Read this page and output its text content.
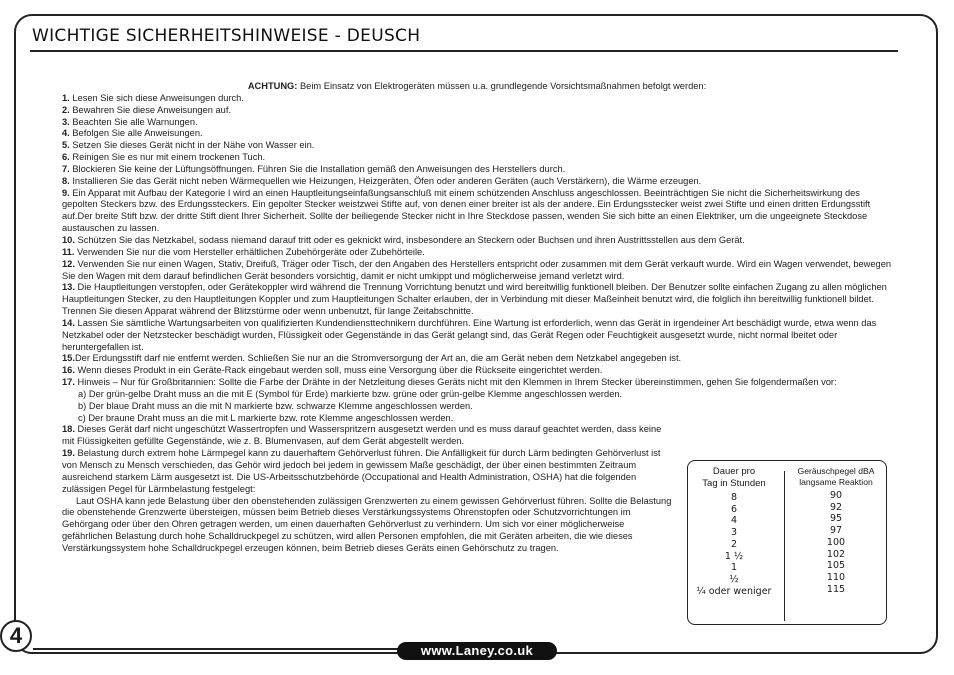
WICHTIGE SICHERHEITSHINWEISE - DEUSCH

ACHTUNG: Beim Einsatz von Elektrogeräten müssen u.a. grundlegende Vorsichtsmaßnahmen befolgt werden:

1. Lesen Sie sich diese Anweisungen durch.

2. Bewahren Sie diese Anweisungen auf.

3. Beachten Sie alle Warnungen.

4. Befolgen Sie alle Anweisungen.

5. Setzen Sie dieses Gerät nicht in der Nähe von Wasser ein.

6. Reinigen Sie es nur mit einem trockenen Tuch.

7. Blockieren Sie keine der Lüftungsöffnungen. Führen Sie die Installation gemäß den Anweisungen des Herstellers durch.

8. Installieren Sie das Gerät nicht neben Wärmequellen wie Heizungen, Heizgeräten, Öfen oder anderen Geräten (auch Verstärkern), die Wärme erzeugen.

9. Ein Apparat mit Aufbau der Kategorie I wird an einen Hauptleitungseinfaßungsanschluß mit einem schützenden Anschluss angeschlossen. Beeinträchtigen Sie nicht die Sicherheitswirkung des gepolten Steckers bzw. des Erdungssteckers. Ein gepolter Stecker weistzwei Stifte auf, von denen einer breiter ist als der andere. Ein Erdungsstecker weist zwei Stifte und einen dritten Erdungsstift auf.Der breite Stift bzw. der dritte Stift dient Ihrer Sicherheit. Sollte der beiliegende Stecker nicht in Ihre Steckdose passen, wenden Sie sich bitte an einen Elektriker, um die ungeeignete Steckdose austauschen zu lassen.

10. Schützen Sie das Netzkabel, sodass niemand darauf tritt oder es geknickt wird, insbesondere an Steckern oder Buchsen und ihren Austrittsstellen aus dem Gerät.

11. Verwenden Sie nur die vom Hersteller erhältlichen Zubehörgeräte oder Zubehörteile.

12. Verwenden Sie nur einen Wagen, Stativ, Dreifuß, Träger oder Tisch, der den Angaben des Herstellers entspricht oder zusammen mit dem Gerät verkauft wurde. Wird ein Wagen verwendet, bewegen Sie den Wagen mit dem darauf befindlichen Gerät besonders vorsichtig, damit er nicht umkippt und möglicherweise jemand verletzt wird.

13. Die Hauptleitungen verstopfen, oder Gerätekoppler wird während die Trennung Vorrichtung benutzt und wird bereitwillig funktionell bleiben. Der Benutzer sollte einfachen Zugang zu allen möglichen Hauptleitungen Stecker, zu den Hauptleitungen Koppler und zum Hauptleitungen Schalter erlauben, der in Verbindung mit dieser Maßeinheit benutzt wird, die folglich ihn bereitwillig funktionell bildet. Trennen Sie diesen Apparat während der Blitzstürme oder wenn unbenutzt, für lange Zeitabschnitte.

14. Lassen Sie sämtliche Wartungsarbeiten von qualifizierten Kundendiensttechnikern durchführen. Eine Wartung ist erforderlich, wenn das Gerät in irgendeiner Art beschädigt wurde, etwa wenn das Netzkabel oder der Netzstecker beschädigt wurden, Flüssigkeit oder Gegenstände in das Gerät gelangt sind, das Gerät Regen oder Feuchtigkeit ausgesetzt wurde, nicht normal lbeitet oder heruntergefallen ist.

15.Der Erdungsstift darf nie entfernt werden. Schließen Sie nur an die Stromversorgung der Art an, die am Gerät neben dem Netzkabel angegeben ist.

16. Wenn dieses Produkt in ein Geräte-Rack eingebaut werden soll, muss eine Versorgung über die Rückseite eingerichtet werden.

17. Hinweis – Nur für Großbritannien: Sollte die Farbe der Drähte in der Netzleitung dieses Geräts nicht mit den Klemmen in Ihrem Stecker übereinstimmen, gehen Sie folgendermaßen vor:

a) Der grün-gelbe Draht muss an die mit E (Symbol für Erde) markierte bzw. grüne oder grün-gelbe Klemme angeschlossen werden.

b) Der blaue Draht muss an die mit N markierte bzw. schwarze Klemme angeschlossen werden.

c) Der braune Draht muss an die mit L markierte bzw. rote Klemme angeschlossen werden.

18. Dieses Gerät darf nicht ungeschützt Wassertropfen und Wasserspritzern ausgesetzt werden und es muss darauf geachtet werden, dass keine mit Flüssigkeiten gefüllte Gegenstände, wie z. B. Blumenvasen, auf dem Gerät abgestellt werden.

19. Belastung durch extrem hohe Lärmpegel kann zu dauerhaftem Gehörverlust führen. Die Anfälligkeit für durch Lärm bedingten Gehörverlust ist von Mensch zu Mensch verschieden, das Gehör wird jedoch bei jedem in gewissem Maße geschädigt, der über einen bestimmten Zeitraum ausreichend starkem Lärm ausgesetzt ist. Die US-Arbeitsschutzbehörde (Occupational and Health Administration, OSHA) hat die folgenden zulässigen Pegel für Lärmbelastung festgelegt:

Laut OSHA kann jede Belastung über den obenstehenden zulässigen Grenzwerten zu einem gewissen Gehörverlust führen. Sollte die Belastung die obenstehende Grenzwerte übersteigen, müssen beim Betrieb dieses Verstärkungssystems Ohrenstopfen oder Schutzvorrichtungen im Gehörgang oder über den Ohren getragen werden, um einen dauerhaften Gehörverlust zu verhindern. Um sich vor einer möglicherweise gefährlichen Belastung durch hohe Schalldruckpegel zu schützen, wird allen Personen empfohlen, die mit Geräten arbeiten, die wie dieses Verstärkungssystem hohe Schalldruckpegel erzeugen können, beim Betrieb dieses Geräts einen Gehörschutz zu tragen.

Dauer pro
Tag in Stunden
8
6
4
3
2
1 ½
1
½
¼ oder weniger
Geräuschpegel dBA
langsame Reaktion
90
92
95
97
100
102
105
110
115
4
www.Laney.co.uk
